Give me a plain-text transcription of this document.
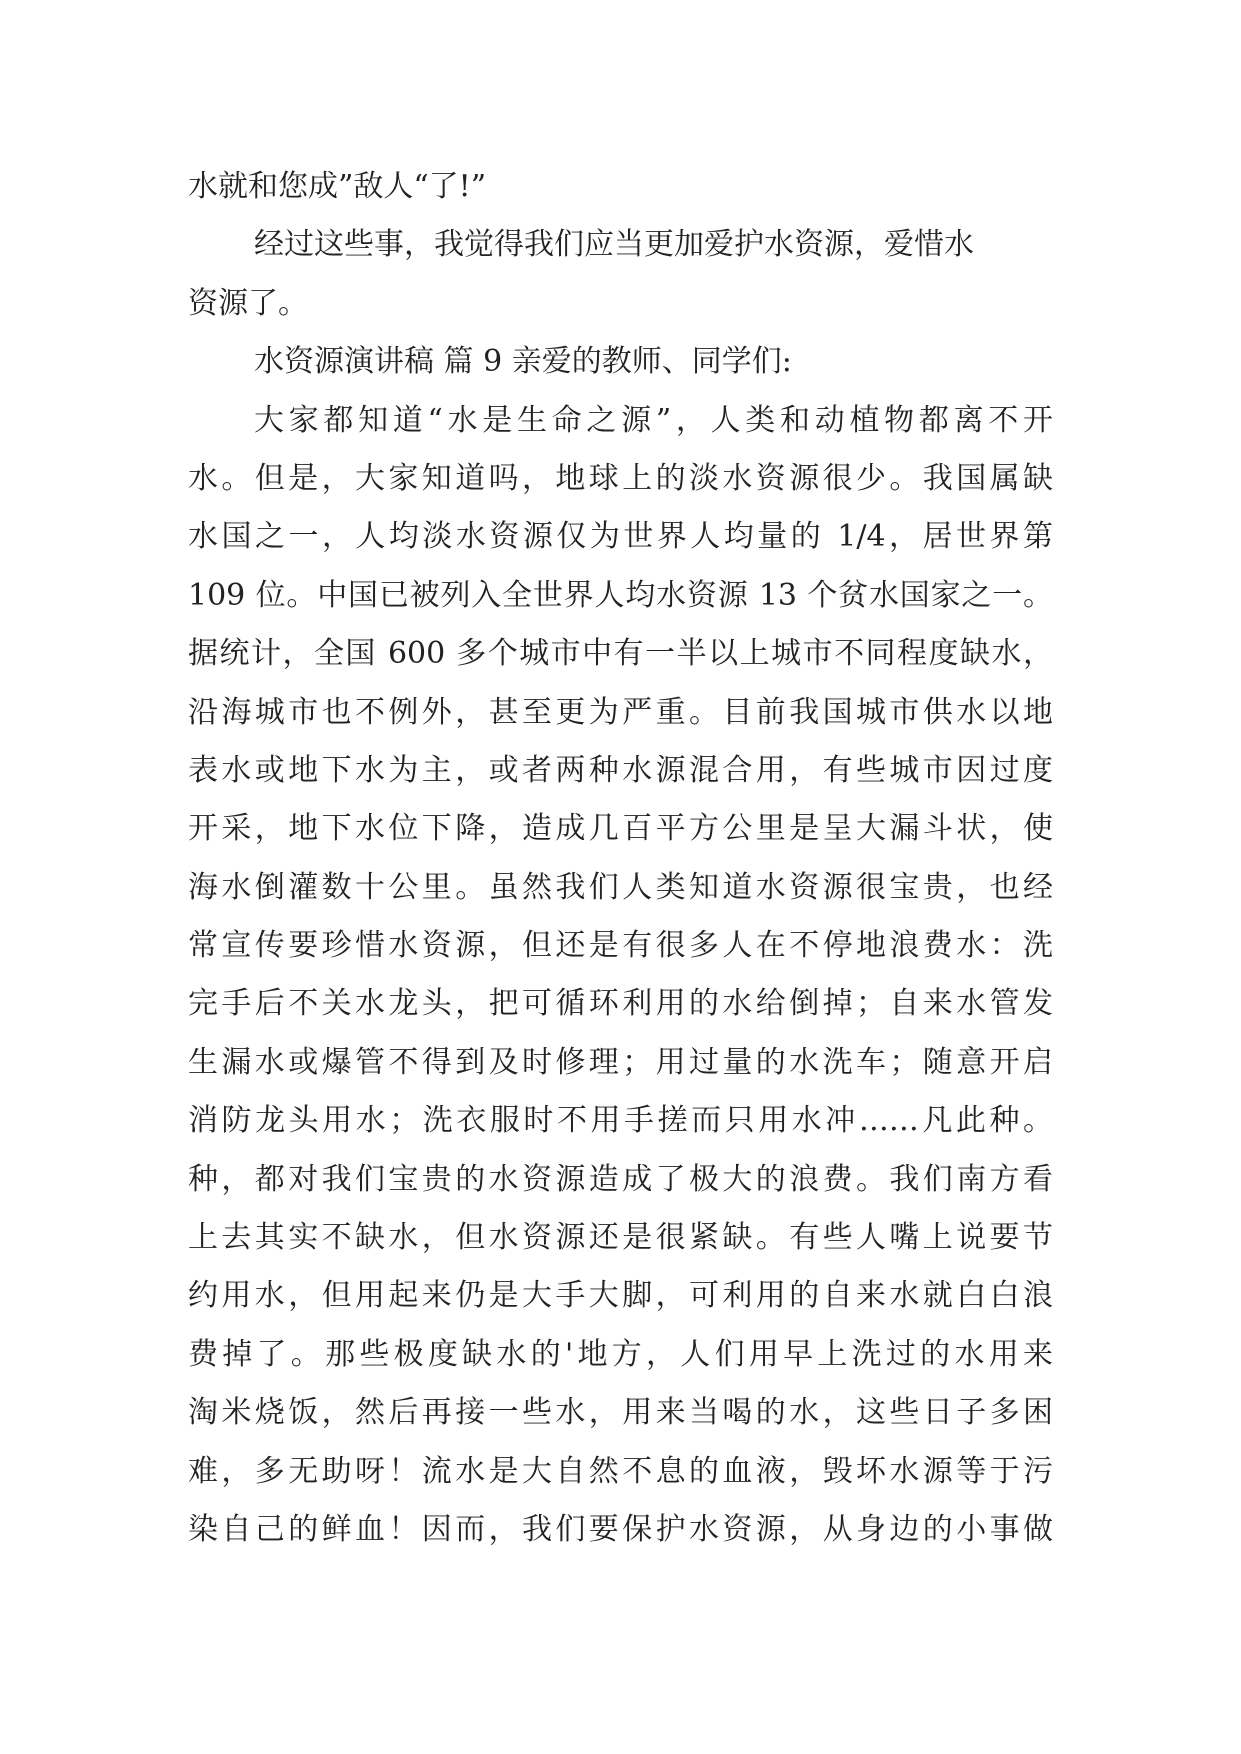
水就和您成”敌人“了!”
经过这些事，我觉得我们应当更加爱护水资源，爱惜水
资源了。
水资源演讲稿 篇 9 亲爱的教师、同学们:
大家都知道“水是生命之源”，人类和动植物都离不开
水。但是，大家知道吗，地球上的淡水资源很少。我国属缺
水国之一，人均淡水资源仅为世界人均量的 1/4，居世界第
109 位。中国已被列入全世界人均水资源 13 个贫水国家之一。
据统计，全国 600 多个城市中有一半以上城市不同程度缺水，
沿海城市也不例外，甚至更为严重。目前我国城市供水以地
表水或地下水为主，或者两种水源混合用，有些城市因过度
开采，地下水位下降，造成几百平方公里是呈大漏斗状，使
海水倒灌数十公里。虽然我们人类知道水资源很宝贵，也经
常宣传要珍惜水资源，但还是有很多人在不停地浪费水：洗
完手后不关水龙头，把可循环利用的水给倒掉；自来水管发
生漏水或爆管不得到及时修理；用过量的水洗车；随意开启
消防龙头用水；洗衣服时不用手搓而只用水冲……凡此种。
种，都对我们宝贵的水资源造成了极大的浪费。我们南方看
上去其实不缺水，但水资源还是很紧缺。有些人嘴上说要节
约用水，但用起来仍是大手大脚，可利用的自来水就白白浪
费掉了。那些极度缺水的'地方，人们用早上洗过的水用来
淘米烧饭，然后再接一些水，用来当喝的水，这些日子多困
难，多无助呀！流水是大自然不息的血液，毁坏水源等于污
染自己的鲜血！因而，我们要保护水资源，从身边的小事做
